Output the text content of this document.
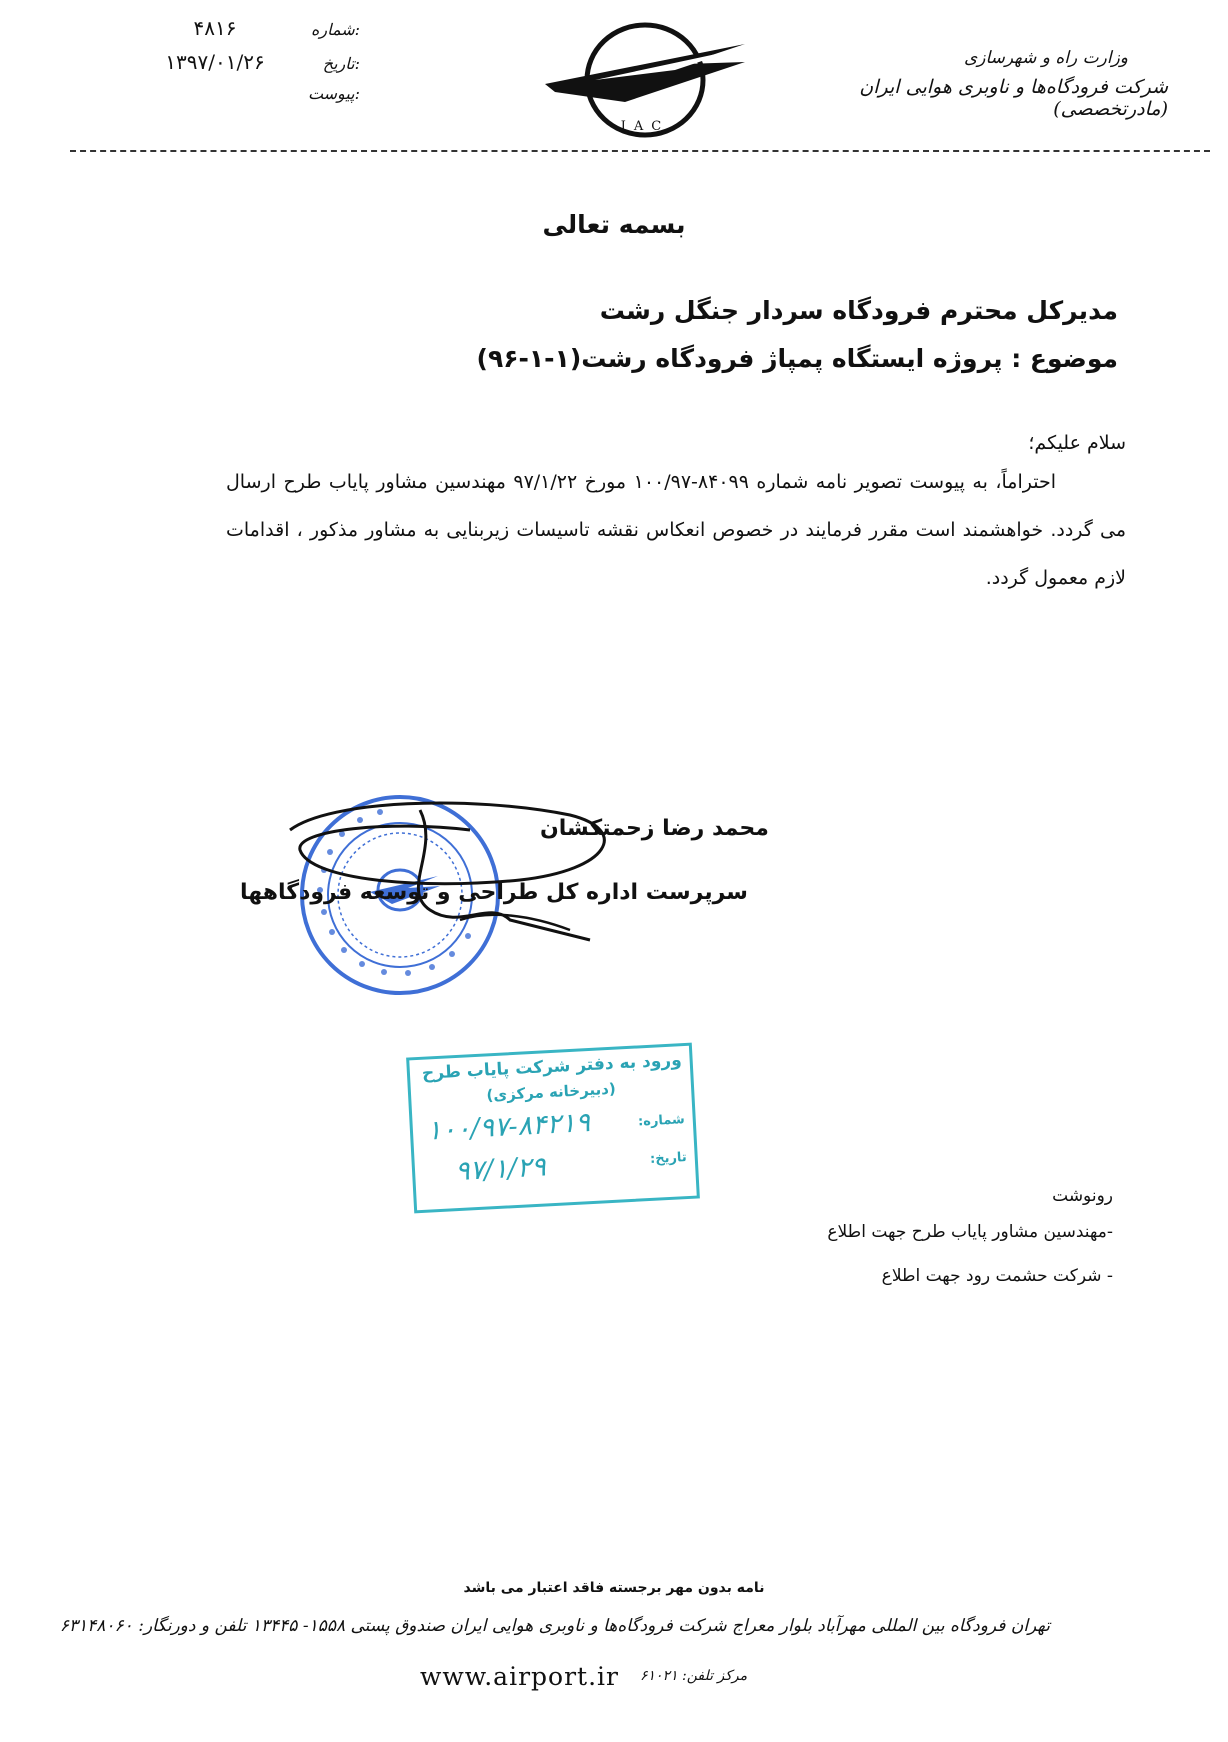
وزارت راه و شهرسازی
شرکت فرودگاه‌ها و ناوبری هوایی ایران (مادرتخصصی)
IAC
۴۸۱۶	شماره:
۱۳۹۷/۰۱/۲۶	تاریخ:
پیوست:
بسمه تعالی
مدیرکل محترم فرودگاه سردار جنگل رشت
موضوع : پروژه ایستگاه پمپاژ فرودگاه رشت(۱-۱-۹۶)
سلام علیکم؛
احتراماً، به پیوست تصویر نامه شماره ۸۴۰۹۹-۱۰۰/۹۷ مورخ ۹۷/۱/۲۲ مهندسین مشاور پایاب طرح ارسال می گردد. خواهشمند است مقرر فرمایند در خصوص انعکاس نقشه تاسیسات زیربنایی به مشاور مذکور ، اقدامات لازم معمول گردد.
محمد رضا زحمتکشان
سرپرست اداره کل طراحی و توسعه فرودگاهها
ورود به دفتر شرکت پایاب طرح
(دبیرخانه مرکزی)
شماره:
تاریخ:
۱۰۰/۹۷-۸۴۲۱۹
۹۷/۱/۲۹
رونوشت
-مهندسین مشاور پایاب طرح جهت اطلاع
- شرکت حشمت رود جهت اطلاع
نامه بدون مهر برجسته فاقد اعتبار می باشد
تهران فرودگاه بین المللی مهرآباد بلوار معراج شرکت فرودگاه‌ها و ناوبری هوایی ایران صندوق پستی ۱۵۵۸- ۱۳۴۴۵ تلفن و دورنگار: ۶۳۱۴۸۰۶۰
www.airport.ir مرکز تلفن: ۶۱۰۲۱
